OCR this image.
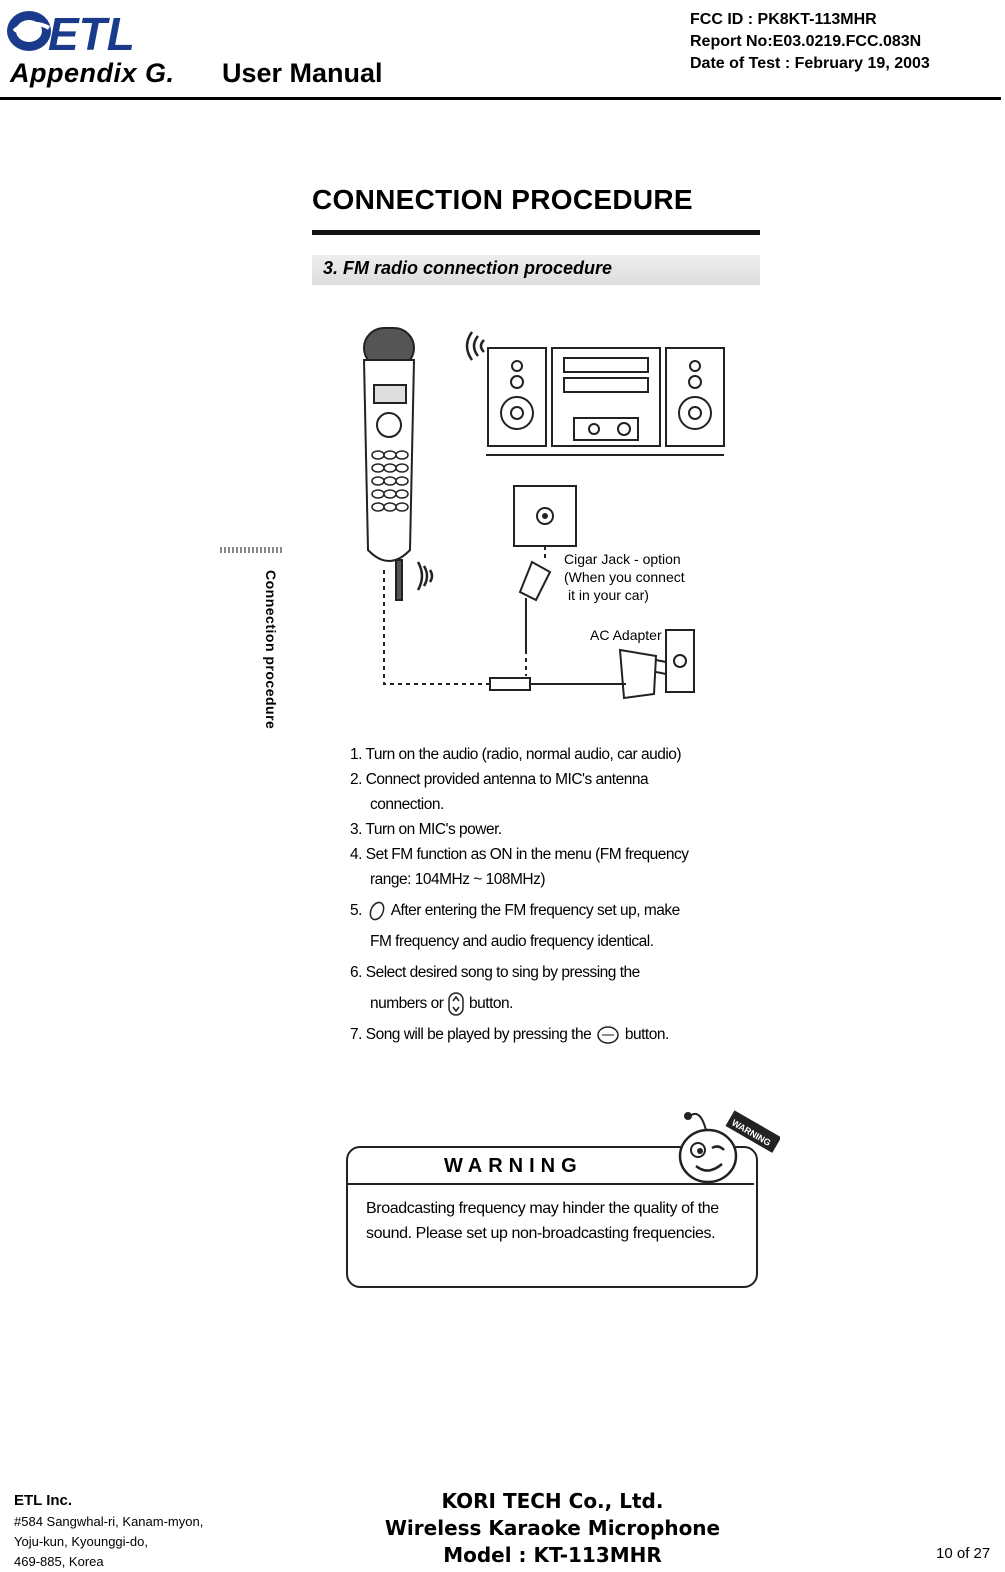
ETL
Appendix G. User Manual
FCC ID : PK8KT-113MHR
Report No:E03.0219.FCC.083N
Date of Test : February 19, 2003
CONNECTION PROCEDURE
3. FM radio connection procedure
Connection procedure
Cigar Jack - option
(When you connect
it in your car)
AC Adapter
1. Turn on the audio (radio, normal audio, car audio)
2. Connect provided antenna to MIC's antenna
connection.
3. Turn on MIC's power.
4. Set FM function as ON in the menu (FM frequency
range: 104MHz ~ 108MHz)
5. After entering the FM frequency set up, make
FM frequency and audio frequency identical.
6. Select desired song to sing by pressing the
numbers or button.
7. Song will be played by pressing the button.
WARNING
Broadcasting frequency may hinder the quality of the sound. Please set up non-broadcasting frequencies.
WARNING
ETL Inc.
#584 Sangwhal-ri, Kanam-myon,
Yoju-kun, Kyounggi-do,
469-885, Korea
KORI TECH Co., Ltd.
Wireless Karaoke Microphone
Model : KT-113MHR	10 of 27
